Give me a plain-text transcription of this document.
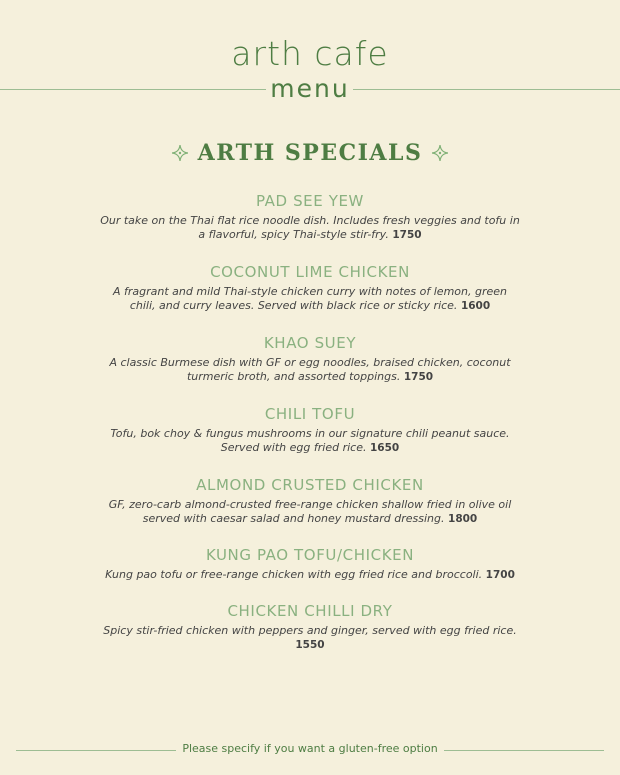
arth cafe
menu
ARTH SPECIALS
PAD SEE YEW
Our take on the Thai flat rice noodle dish. Includes fresh veggies and tofu in
a flavorful, spicy Thai-style stir-fry. 1750
COCONUT LIME CHICKEN
A fragrant and mild Thai-style chicken curry with notes of lemon, green
chili, and curry leaves. Served with black rice or sticky rice. 1600
KHAO SUEY
A classic Burmese dish with GF or egg noodles, braised chicken, coconut
turmeric broth, and assorted toppings. 1750
CHILI TOFU
Tofu, bok choy & fungus mushrooms in our signature chili peanut sauce.
Served with egg fried rice. 1650
ALMOND CRUSTED CHICKEN
GF, zero-carb almond-crusted free-range chicken shallow fried in olive oil
served with caesar salad and honey mustard dressing. 1800
KUNG PAO TOFU/CHICKEN
Kung pao tofu or free-range chicken with egg fried rice and broccoli. 1700
CHICKEN CHILLI DRY
Spicy stir-fried chicken with peppers and ginger, served with egg fried rice.
1550
Please specify if you want a gluten-free option
